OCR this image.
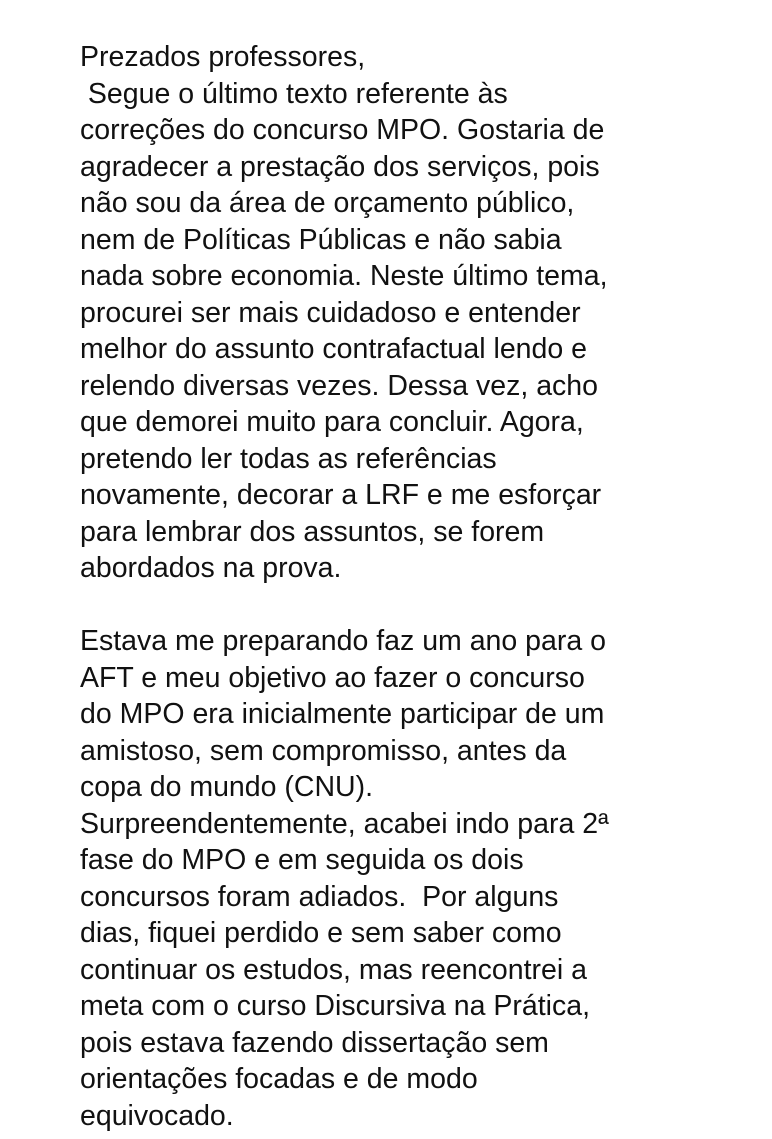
Prezados professores,
Segue o último texto referente às
correções do concurso MPO. Gostaria de
agradecer a prestação dos serviços, pois
não sou da área de orçamento público,
nem de Políticas Públicas e não sabia
nada sobre economia. Neste último tema,
procurei ser mais cuidadoso e entender
melhor do assunto contrafactual lendo e
relendo diversas vezes. Dessa vez, acho
que demorei muito para concluir. Agora,
pretendo ler todas as referências
novamente, decorar a LRF e me esforçar
para lembrar dos assuntos, se forem
abordados na prova.
Estava me preparando faz um ano para o
AFT e meu objetivo ao fazer o concurso
do MPO era inicialmente participar de um
amistoso, sem compromisso, antes da
copa do mundo (CNU).
Surpreendentemente, acabei indo para 2ª
fase do MPO e em seguida os dois
concursos foram adiados.  Por alguns
dias, fiquei perdido e sem saber como
continuar os estudos, mas reencontrei a
meta com o curso Discursiva na Prática,
pois estava fazendo dissertação sem
orientações focadas e de modo
equivocado.
